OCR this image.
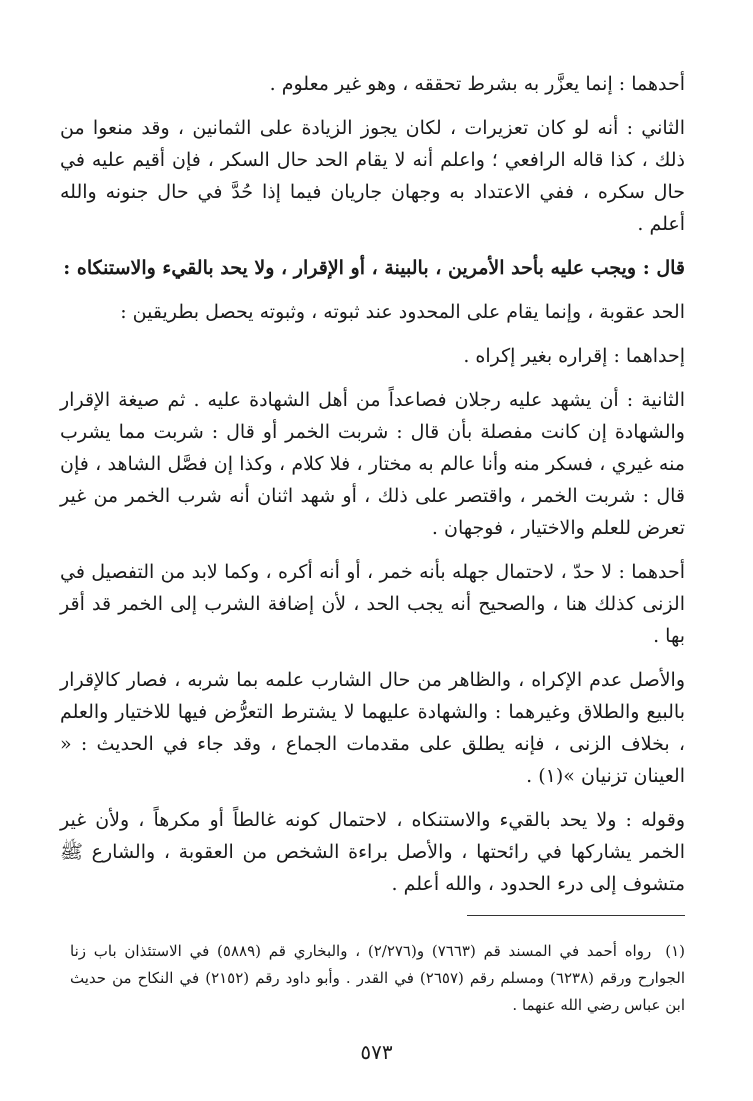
أحدهما : إنما يعزَّر به بشرط تحققه ، وهو غير معلوم .

الثاني : أنه لو كان تعزيرات ، لكان يجوز الزيادة على الثمانين ، وقد منعوا من ذلك ، كذا قاله الرافعي ؛ واعلم أنه لا يقام الحد حال السكر ، فإن أقيم عليه في حال سكره ، ففي الاعتداد به وجهان جاريان فيما إذا حُدَّ في حال جنونه والله أعلم .

قال : ويجب عليه بأحد الأمرين ، بالبينة ، أو الإقرار ، ولا يحد بالقيء والاستنكاه :

الحد عقوبة ، وإنما يقام على المحدود عند ثبوته ، وثبوته يحصل بطريقين :

إحداهما : إقراره بغير إكراه .

الثانية : أن يشهد عليه رجلان فصاعداً من أهل الشهادة عليه . ثم صيغة الإقرار والشهادة إن كانت مفصلة بأن قال : شربت الخمر أو قال : شربت مما يشرب منه غيري ، فسكر منه وأنا عالم به مختار ، فلا كلام ، وكذا إن فصَّل الشاهد ، فإن قال : شربت الخمر ، واقتصر على ذلك ، أو شهد اثنان أنه شرب الخمر من غير تعرض للعلم والاختيار ، فوجهان .

أحدهما : لا حدّ ، لاحتمال جهله بأنه خمر ، أو أنه أكره ، وكما لابد من التفصيل في الزنى كذلك هنا ، والصحيح أنه يجب الحد ، لأن إضافة الشرب إلى الخمر قد أقر بها .

والأصل عدم الإكراه ، والظاهر من حال الشارب علمه بما شربه ، فصار كالإقرار بالبيع والطلاق وغيرهما : والشهادة عليهما لا يشترط التعرُّض فيها للاختيار والعلم ، بخلاف الزنى ، فإنه يطلق على مقدمات الجماع ، وقد جاء في الحديث : « العينان تزنيان »(١) .

وقوله : ولا يحد بالقيء والاستنكاه ، لاحتمال كونه غالطاً أو مكرهاً ، ولأن غير الخمر يشاركها في رائحتها ، والأصل براءة الشخص من العقوبة ، والشارع ﷺ متشوف إلى درء الحدود ، والله أعلم .

(١)رواه أحمد في المسند قم (٧٦٦٣) و(٢/٢٧٦) ، والبخاري قم (٥٨٨٩) في الاستئذان باب زنا الجوارح ورقم (٦٢٣٨) ومسلم رقم (٢٦٥٧) في القدر . وأبو داود رقم (٢١٥٢) في النكاح من حديث ابن عباس رضي الله عنهما .
٥٧٣
